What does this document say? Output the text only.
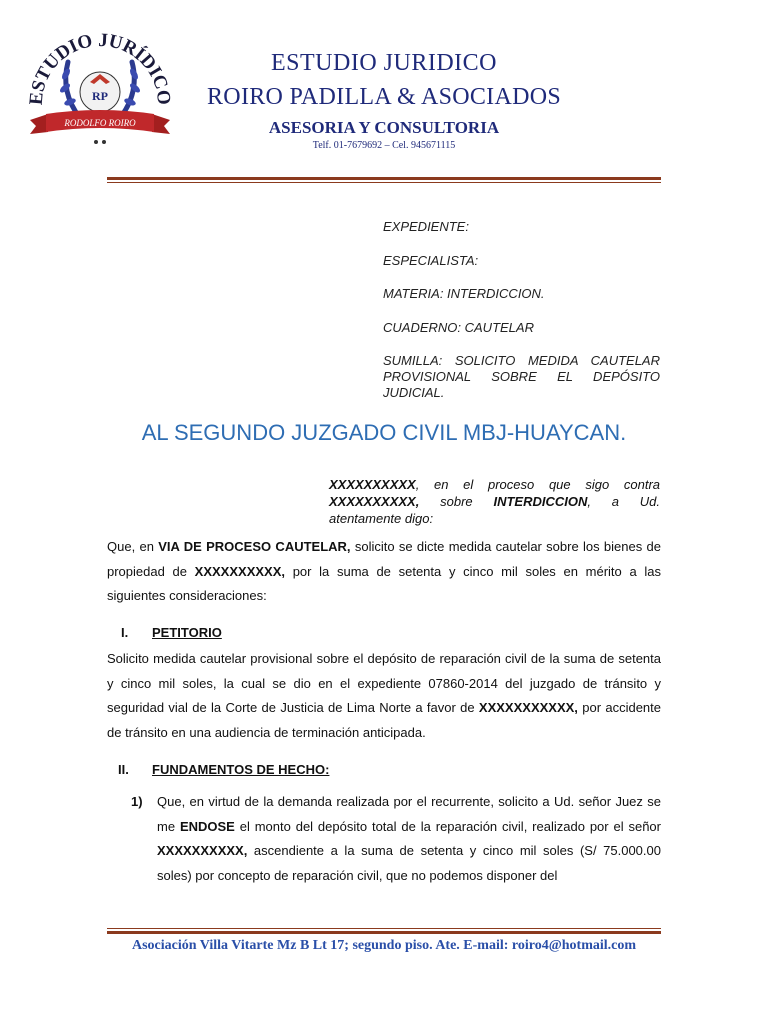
ESTUDIO JURÍDICO
RP
RODOLFO ROIRO
ESTUDIO JURIDICO
ROIRO PADILLA & ASOCIADOS
ASESORIA Y CONSULTORIA
Telf. 01-7679692 – Cel. 945671115
EXPEDIENTE:
ESPECIALISTA:
MATERIA: INTERDICCION.
CUADERNO: CAUTELAR
SUMILLA: SOLICITO MEDIDA CAUTELAR PROVISIONAL SOBRE EL DEPÓSITO JUDICIAL.
AL SEGUNDO JUZGADO CIVIL MBJ-HUAYCAN.
XXXXXXXXXX, en el proceso que sigo contra XXXXXXXXXX, sobre INTERDICCION, a Ud. atentamente digo:
Que, en VIA DE PROCESO CAUTELAR, solicito se dicte medida cautelar sobre los bienes de propiedad de XXXXXXXXXX, por la suma de setenta y cinco mil soles en mérito a las siguientes consideraciones:
I. PETITORIO
Solicito medida cautelar provisional sobre el depósito de reparación civil de la suma de setenta y cinco mil soles, la cual se dio en el expediente 07860-2014 del juzgado de tránsito y seguridad vial de la Corte de Justicia de Lima Norte a favor de XXXXXXXXXXX, por accidente de tránsito en una audiencia de terminación anticipada.
II. FUNDAMENTOS DE HECHO:
1) Que, en virtud de la demanda realizada por el recurrente, solicito a Ud. señor Juez se me ENDOSE el monto del depósito total de la reparación civil, realizado por el señor XXXXXXXXXX, ascendiente a la suma de setenta y cinco mil soles (S/ 75.000.00 soles) por concepto de reparación civil, que no podemos disponer del
Asociación Villa Vitarte Mz B Lt 17; segundo piso. Ate. E-mail: roiro4@hotmail.com
